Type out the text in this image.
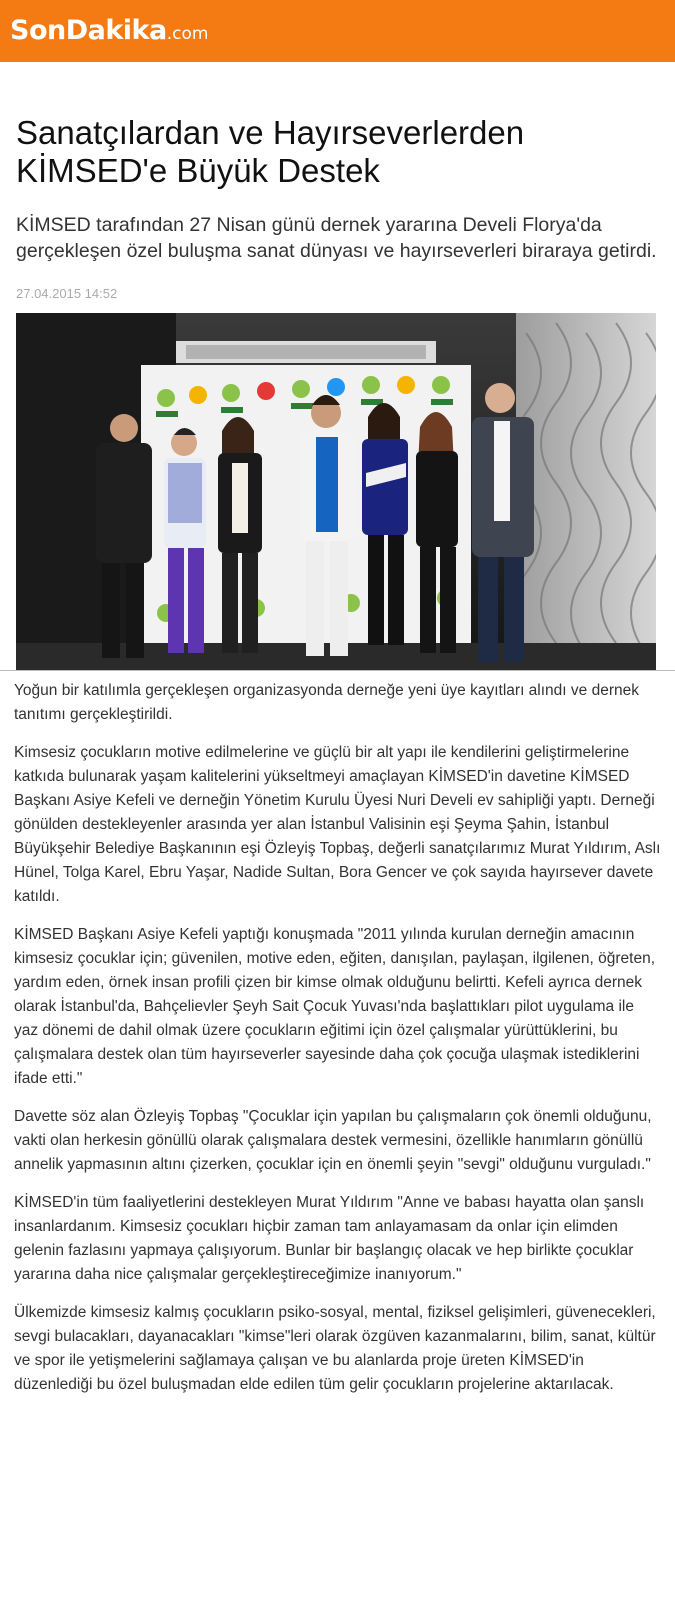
SonDakika.com
Sanatçılardan ve Hayırseverlerden KİMSED'e Büyük Destek
KİMSED tarafından 27 Nisan günü dernek yararına Develi Florya'da gerçekleşen özel buluşma sanat dünyası ve hayırseverleri biraraya getirdi.
27.04.2015 14:52

Yoğun bir katılımla gerçekleşen organizasyonda derneğe yeni üye kayıtları alındı ve dernek tanıtımı gerçekleştirildi.

Kimsesiz çocukların motive edilmelerine ve güçlü bir alt yapı ile kendilerini geliştirmelerine katkıda bulunarak yaşam kalitelerini yükseltmeyi amaçlayan KİMSED'in davetine KİMSED Başkanı Asiye Kefeli ve derneğin Yönetim Kurulu Üyesi Nuri Develi ev sahipliği yaptı. Derneği gönülden destekleyenler arasında yer alan İstanbul Valisinin eşi Şeyma Şahin, İstanbul Büyükşehir Belediye Başkanının eşi Özleyiş Topbaş, değerli sanatçılarımız Murat Yıldırım, Aslı Hünel, Tolga Karel, Ebru Yaşar, Nadide Sultan, Bora Gencer ve çok sayıda hayırsever davete katıldı.

KİMSED Başkanı Asiye Kefeli yaptığı konuşmada "2011 yılında kurulan derneğin amacının kimsesiz çocuklar için; güvenilen, motive eden, eğiten, danışılan, paylaşan, ilgilenen, öğreten, yardım eden, örnek insan profili çizen bir kimse olmak olduğunu belirtti. Kefeli ayrıca dernek olarak İstanbul'da, Bahçelievler Şeyh Sait Çocuk Yuvası'nda başlattıkları pilot uygulama ile yaz dönemi de dahil olmak üzere çocukların eğitimi için özel çalışmalar yürüttüklerini, bu çalışmalara destek olan tüm hayırseverler sayesinde daha çok çocuğa ulaşmak istediklerini ifade etti."

Davette söz alan Özleyiş Topbaş "Çocuklar için yapılan bu çalışmaların çok önemli olduğunu, vakti olan herkesin gönüllü olarak çalışmalara destek vermesini, özellikle hanımların gönüllü annelik yapmasının altını çizerken, çocuklar için en önemli şeyin "sevgi" olduğunu vurguladı."

KİMSED'in tüm faaliyetlerini destekleyen Murat Yıldırım "Anne ve babası hayatta olan şanslı insanlardanım. Kimsesiz çocukları hiçbir zaman tam anlayamasam da onlar için elimden gelenin fazlasını yapmaya çalışıyorum. Bunlar bir başlangıç olacak ve hep birlikte çocuklar yararına daha nice çalışmalar gerçekleştireceğimize inanıyorum."

Ülkemizde kimsesiz kalmış çocukların psiko-sosyal, mental, fiziksel gelişimleri, güvenecekleri, sevgi bulacakları, dayanacakları "kimse"leri olarak özgüven kazanmalarını, bilim, sanat, kültür ve spor ile yetişmelerini sağlamaya çalışan ve bu alanlarda proje üreten KİMSED'in düzenlediği bu özel buluşmadan elde edilen tüm gelir çocukların projelerine aktarılacak.
